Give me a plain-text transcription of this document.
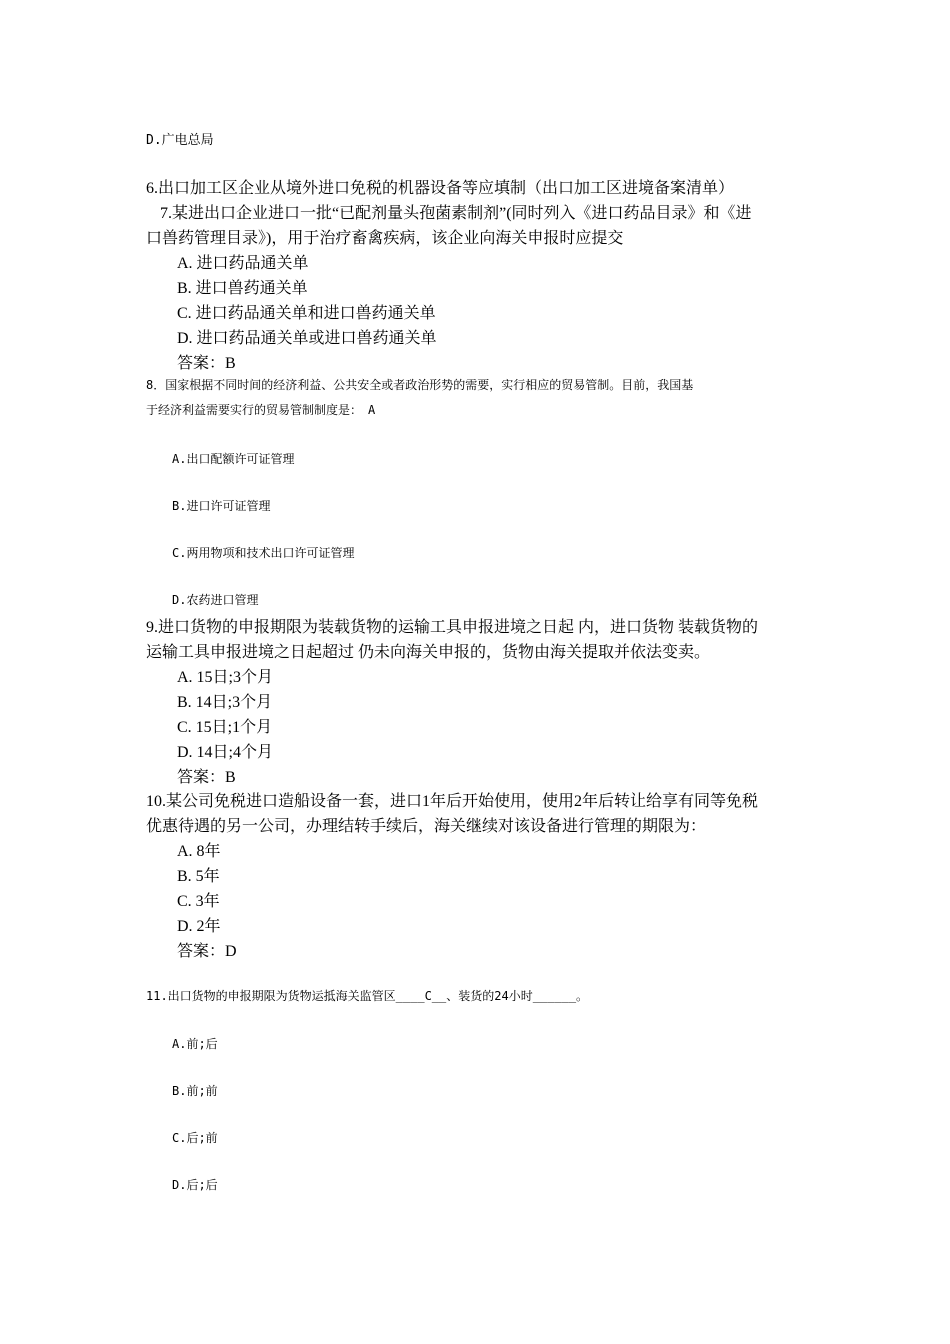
D.广电总局
6.出口加工区企业从境外进口免税的机器设备等应填制（出口加工区进境备案清单）
7.某进出口企业进口一批“已配剂量头孢菌素制剂”(同时列入《进口药品目录》和《进
口兽药管理目录》)，用于治疗畜禽疾病，该企业向海关申报时应提交
A. 进口药品通关单
B. 进口兽药通关单
C. 进口药品通关单和进口兽药通关单
D. 进口药品通关单或进口兽药通关单
答案：B
8．国家根据不同时间的经济利益、公共安全或者政治形势的需要，实行相应的贸易管制。目前，我国基
于经济利益需要实行的贸易管制制度是：　A
A.出口配额许可证管理
B.进口许可证管理
C.两用物项和技术出口许可证管理
D.农药进口管理
9.进口货物的申报期限为装载货物的运输工具申报进境之日起 内，进口货物 装载货物的
运输工具申报进境之日起超过 仍未向海关申报的，货物由海关提取并依法变卖。
A. 15日;3个月
B. 14日;3个月
C. 15日;1个月
D. 14日;4个月
答案：B
10.某公司免税进口造船设备一套，进口1年后开始使用，使用2年后转让给享有同等免税
优惠待遇的另一公司，办理结转手续后，海关继续对该设备进行管理的期限为：
A. 8年
B. 5年
C. 3年
D. 2年
答案：D
11.出口货物的申报期限为货物运抵海关监管区____C__、装货的24小时______。
A.前;后
B.前;前
C.后;前
D.后;后
